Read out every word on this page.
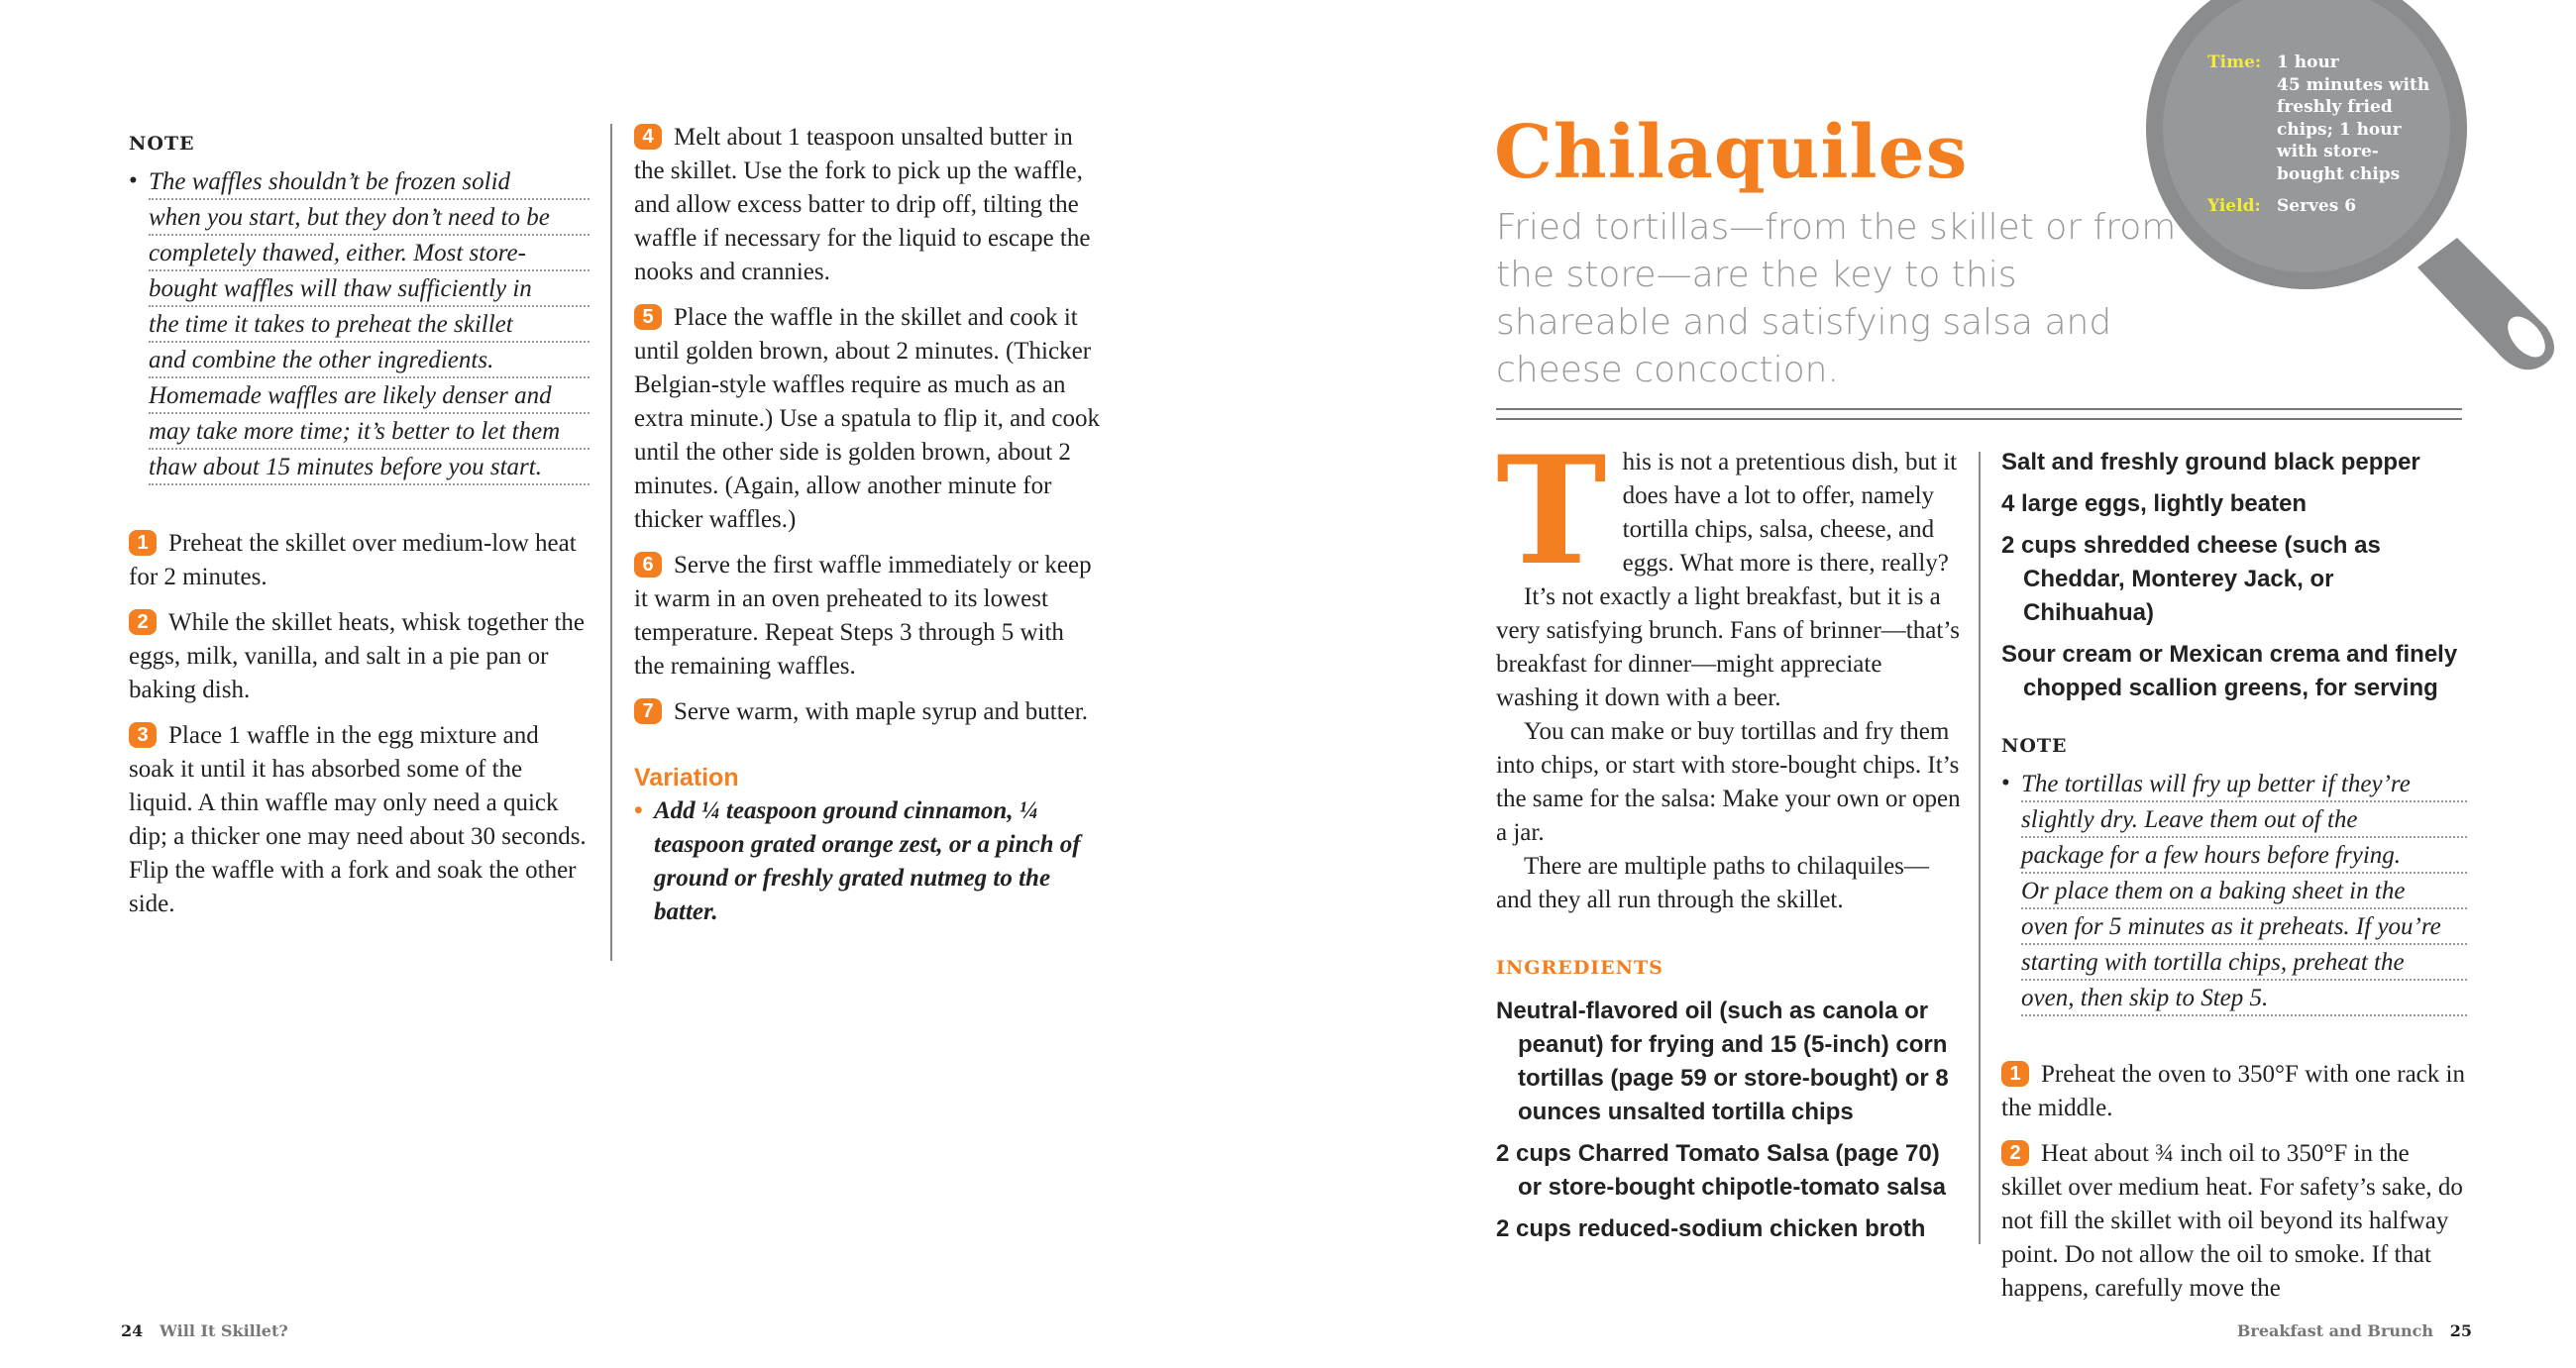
NOTE
• The waffles shouldn’t be frozen solid
when you start, but they don’t need to be
completely thawed, either. Most store-
bought waffles will thaw sufficiently in
the time it takes to preheat the skillet
and combine the other ingredients.
Homemade waffles are likely denser and
may take more time; it’s better to let them
thaw about 15 minutes before you start.

1 Preheat the skillet over medium-low heat for 2 minutes.

2 While the skillet heats, whisk together the eggs, milk, vanilla, and salt in a pie pan or baking dish.

3 Place 1 waffle in the egg mixture and soak it until it has absorbed some of the liquid. A thin waffle may only need a quick dip; a thicker one may need about 30 seconds. Flip the waffle with a fork and soak the other side.

4 Melt about 1 teaspoon unsalted butter in the skillet. Use the fork to pick up the waffle, and allow excess batter to drip off, tilting the waffle if necessary for the liquid to escape the nooks and crannies.

5 Place the waffle in the skillet and cook it until golden brown, about 2 minutes. (Thicker Belgian-style waffles require as much as an extra minute.) Use a spatula to flip it, and cook until the other side is golden brown, about 2 minutes. (Again, allow another minute for thicker waffles.)

6 Serve the first waffle immediately or keep it warm in an oven preheated to its lowest temperature. Repeat Steps 3 through 5 with the remaining waffles.

7 Serve warm, with maple syrup and butter.

Variation
• Add ¼ teaspoon ground cinnamon, ¼ teaspoon grated orange zest, or a pinch of ground or freshly grated nutmeg to the batter.
24 Will It Skillet?
Time: 1 hour
45 minutes with freshly fried chips; 1 hour with store-bought chips
Yield: Serves 6
Chilaquiles
Fried tortillas—from the skillet or from the store—are the key to this shareable and satisfying salsa and cheese concoction.
T his is not a pretentious dish, but it does have a lot to offer, namely tortilla chips, salsa, cheese, and eggs. What more is there, really?

It’s not exactly a light breakfast, but it is a very satisfying brunch. Fans of brinner—that’s breakfast for dinner—might appreciate washing it down with a beer.

You can make or buy tortillas and fry them into chips, or start with store-bought chips. It’s the same for the salsa: Make your own or open a jar.

There are multiple paths to chilaquiles—and they all run through the skillet.

INGREDIENTS
Neutral-flavored oil (such as canola or peanut) for frying and 15 (5-inch) corn tortillas (page 59 or store-bought) or 8 ounces unsalted tortilla chips
2 cups Charred Tomato Salsa (page 70) or store-bought chipotle-tomato salsa
2 cups reduced-sodium chicken broth
Salt and freshly ground black pepper
4 large eggs, lightly beaten
2 cups shredded cheese (such as Cheddar, Monterey Jack, or Chihuahua)
Sour cream or Mexican crema and finely chopped scallion greens, for serving
NOTE
• The tortillas will fry up better if they’re
slightly dry. Leave them out of the
package for a few hours before frying.
Or place them on a baking sheet in the
oven for 5 minutes as it preheats. If you’re
starting with tortilla chips, preheat the
oven, then skip to Step 5.

1 Preheat the oven to 350°F with one rack in the middle.

2 Heat about ¾ inch oil to 350°F in the skillet over medium heat. For safety’s sake, do not fill the skillet with oil beyond its halfway point. Do not allow the oil to smoke. If that happens, carefully move the

Breakfast and Brunch 25
